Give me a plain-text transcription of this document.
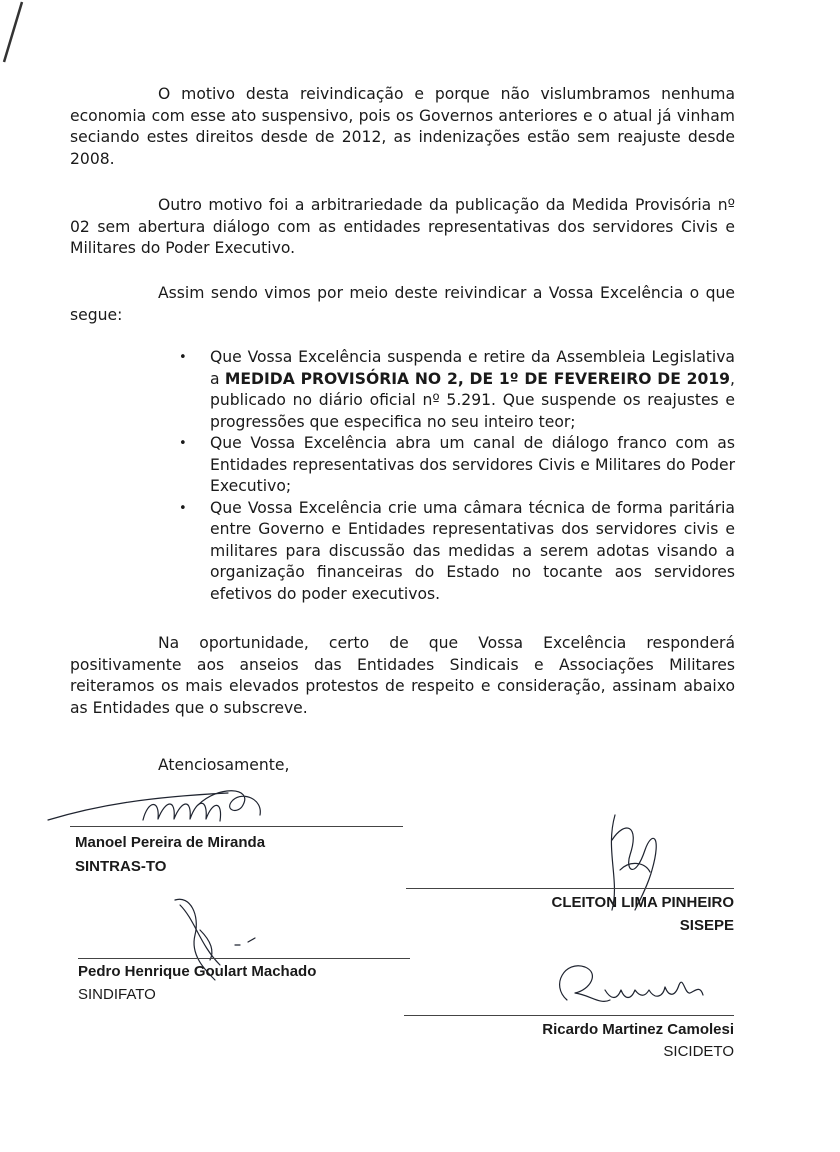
O motivo desta reivindicação e porque não vislumbramos nenhuma economia com esse ato suspensivo, pois os Governos anteriores e o atual já vinham seciando estes direitos desde de 2012, as indenizações estão sem reajuste desde 2008.

Outro motivo foi a arbitrariedade da publicação da Medida Provisória nº 02 sem abertura diálogo com as entidades representativas dos servidores Civis e Militares do Poder Executivo.

Assim sendo vimos por meio deste reivindicar a Vossa Excelência o que segue:

• Que Vossa Excelência suspenda e retire da Assembleia Legislativa a MEDIDA PROVISÓRIA NO 2, DE 1º DE FEVEREIRO DE 2019, publicado no diário oficial nº 5.291. Que suspende os reajustes e progressões que especifica no seu inteiro teor;
• Que Vossa Excelência abra um canal de diálogo franco com as Entidades representativas dos servidores Civis e Militares do Poder Executivo;
• Que Vossa Excelência crie uma câmara técnica de forma paritária entre Governo e Entidades representativas dos servidores civis e militares para discussão das medidas a serem adotas visando a organização financeiras do Estado no tocante aos servidores efetivos do poder executivos.

Na oportunidade, certo de que Vossa Excelência responderá positivamente aos anseios das Entidades Sindicais e Associações Militares reiteramos os mais elevados protestos de respeito e consideração, assinam abaixo as Entidades que o subscreve.

Atenciosamente,

Manoel Pereira de Miranda

SINTRAS-TO

CLEITON LIMA PINHEIRO

SISEPE

Pedro Henrique Goulart Machado

SINDIFATO

Ricardo Martinez Camolesi

SICIDETO
